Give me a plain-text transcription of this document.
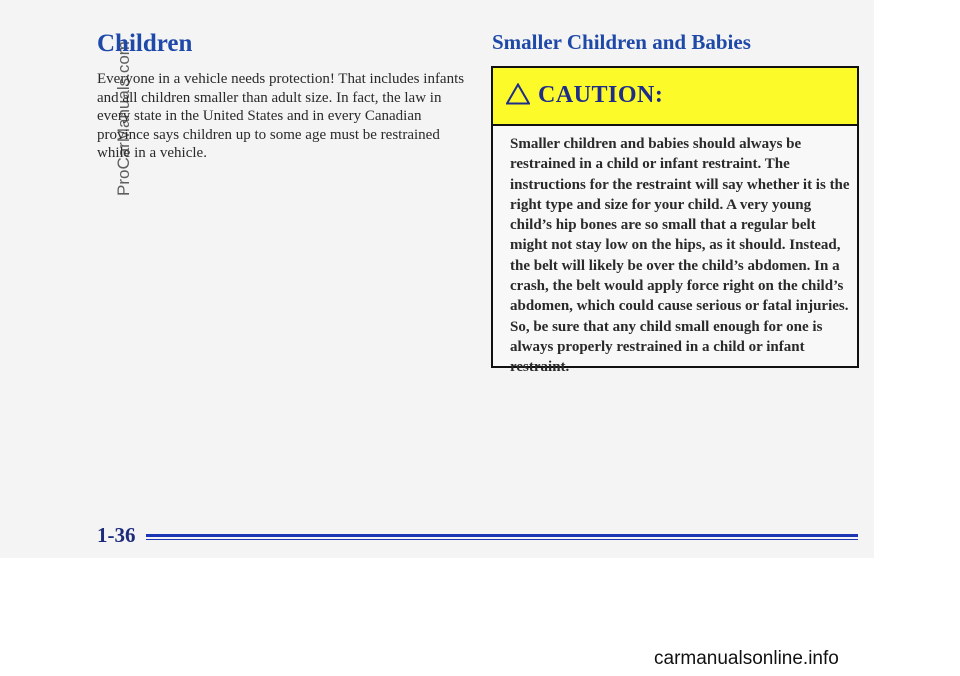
ProCarManuals.com
Children

Everyone in a vehicle needs protection! That includes infants and all children smaller than adult size. In fact, the law in every state in the United States and in every Canadian province says children up to some age must be restrained while in a vehicle.

Smaller Children and Babies
CAUTION:

Smaller children and babies should always be restrained in a child or infant restraint. The instructions for the restraint will say whether it is the right type and size for your child. A very young child’s hip bones are so small that a regular belt might not stay low on the hips, as it should. Instead, the belt will likely be over the child’s abdomen. In a crash, the belt would apply force right on the child’s abdomen, which could cause serious or fatal injuries. So, be sure that any child small enough for one is always properly restrained in a child or infant restraint.

1-36
carmanualsonline.info
